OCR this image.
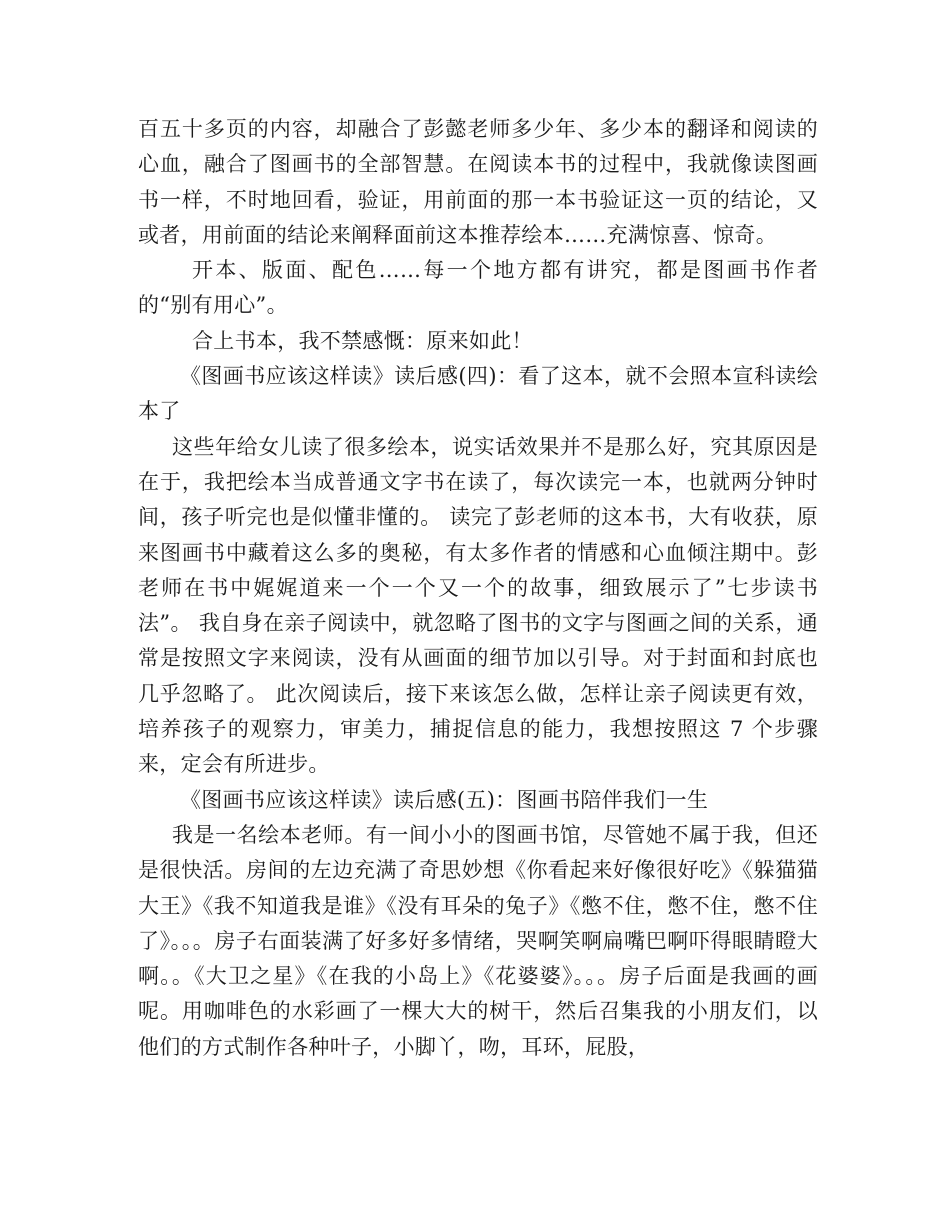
百五十多页的内容，却融合了彭懿老师多少年、多少本的翻译和阅读的心血，融合了图画书的全部智慧。在阅读本书的过程中，我就像读图画书一样，不时地回看，验证，用前面的那一本书验证这一页的结论，又或者，用前面的结论来阐释面前这本推荐绘本……充满惊喜、惊奇。

开本、版面、配色……每一个地方都有讲究，都是图画书作者的“别有用心”。

合上书本，我不禁感慨：原来如此！

《图画书应该这样读》读后感(四)：看了这本，就不会照本宣科读绘本了

这些年给女儿读了很多绘本，说实话效果并不是那么好，究其原因是在于，我把绘本当成普通文字书在读了，每次读完一本，也就两分钟时间，孩子听完也是似懂非懂的。 读完了彭老师的这本书，大有收获，原来图画书中藏着这么多的奥秘，有太多作者的情感和心血倾注期中。彭老师在书中娓娓道来一个一个又一个的故事，细致展示了”七步读书法”。 我自身在亲子阅读中，就忽略了图书的文字与图画之间的关系，通常是按照文字来阅读，没有从画面的细节加以引导。对于封面和封底也几乎忽略了。 此次阅读后，接下来该怎么做，怎样让亲子阅读更有效，培养孩子的观察力，审美力，捕捉信息的能力，我想按照这 7 个步骤来，定会有所进步。

《图画书应该这样读》读后感(五)：图画书陪伴我们一生

我是一名绘本老师。有一间小小的图画书馆，尽管她不属于我，但还是很快活。房间的左边充满了奇思妙想《你看起来好像很好吃》《躲猫猫大王》《我不知道我是谁》《没有耳朵的兔子》《憋不住，憋不住，憋不住了》。。。房子右面装满了好多好多情绪，哭啊笑啊扁嘴巴啊吓得眼睛瞪大啊。。《大卫之星》《在我的小岛上》《花婆婆》。。。房子后面是我画的画呢。用咖啡色的水彩画了一棵大大的树干，然后召集我的小朋友们，以他们的方式制作各种叶子，小脚丫，吻，耳环，屁股，
